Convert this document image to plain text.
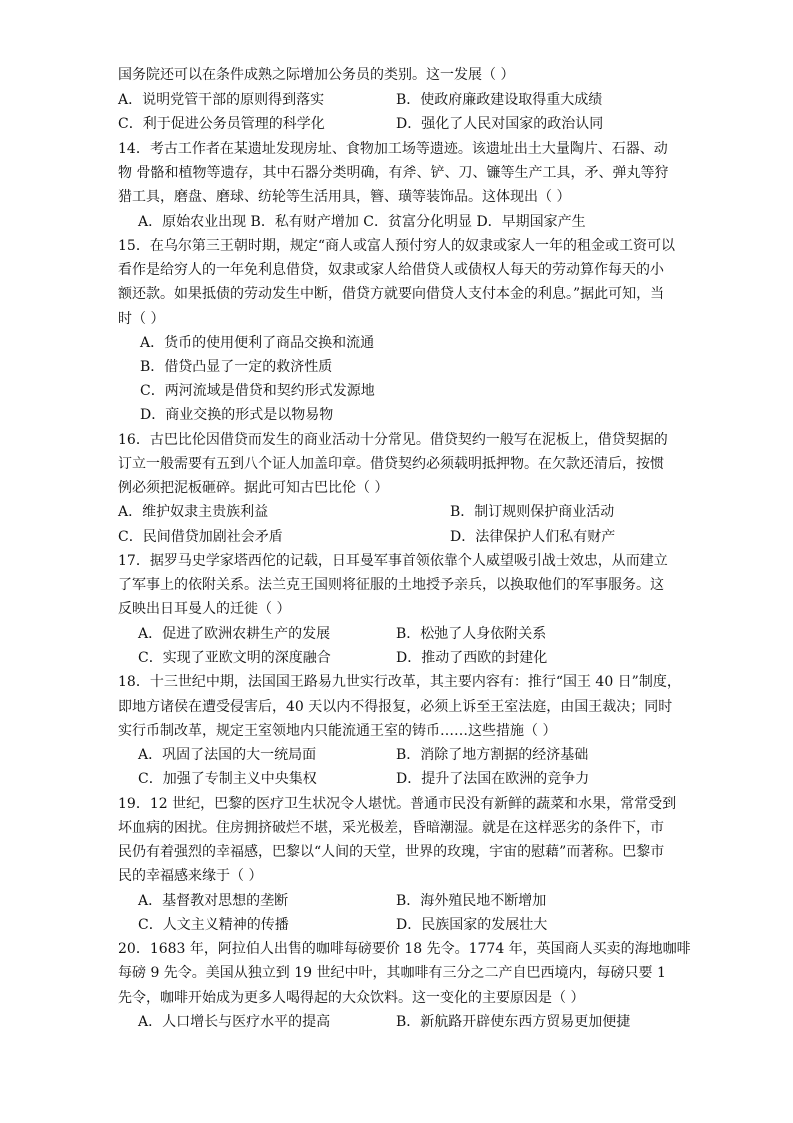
国务院还可以在条件成熟之际增加公务员的类别。这一发展（ ）
A．说明党管干部的原则得到落实	B．使政府廉政建设取得重大成绩
C．利于促进公务员管理的科学化	D．强化了人民对国家的政治认同
14．考古工作者在某遗址发现房址、食物加工场等遗迹。该遗址出土大量陶片、石器、动
物 骨骼和植物等遗存，其中石器分类明确，有斧、铲、刀、镰等生产工具，矛、弹丸等狩
猎工具，磨盘、磨球、纺轮等生活用具，簪、璜等装饰品。这体现出（ ）
A．原始农业出现 B．私有财产增加 C．贫富分化明显 D．早期国家产生
15．在乌尔第三王朝时期，规定“商人或富人预付穷人的奴隶或家人一年的租金或工资可以
看作是给穷人的一年免利息借贷，奴隶或家人给借贷人或债权人每天的劳动算作每天的小
额还款。如果抵债的劳动发生中断，借贷方就要向借贷人支付本金的利息。”据此可知，当
时（ ）
A．货币的使用便利了商品交换和流通
B．借贷凸显了一定的救济性质
C．两河流域是借贷和契约形式发源地
D．商业交换的形式是以物易物
16．古巴比伦因借贷而发生的商业活动十分常见。借贷契约一般写在泥板上，借贷契据的
订立一般需要有五到八个证人加盖印章。借贷契约必须载明抵押物。在欠款还清后，按惯
例必须把泥板砸碎。据此可知古巴比伦（ ）
A．维护奴隶主贵族利益	B．制订规则保护商业活动
C．民间借贷加剧社会矛盾	D．法律保护人们私有财产
17．据罗马史学家塔西佗的记载，日耳曼军事首领依靠个人威望吸引战士效忠，从而建立
了军事上的依附关系。法兰克王国则将征服的土地授予亲兵，以换取他们的军事服务。这
反映出日耳曼人的迁徙（ ）
A．促进了欧洲农耕生产的发展	B．松弛了人身依附关系
C．实现了亚欧文明的深度融合	D．推动了西欧的封建化
18．十三世纪中期，法国国王路易九世实行改革，其主要内容有：推行“国王 40 日”制度，
即地方诸侯在遭受侵害后，40 天以内不得报复，必须上诉至王室法庭，由国王裁决；同时
实行币制改革，规定王室领地内只能流通王室的铸币……这些措施（ ）
A．巩固了法国的大一统局面	B．消除了地方割据的经济基础
C．加强了专制主义中央集权	D．提升了法国在欧洲的竞争力
19．12 世纪，巴黎的医疗卫生状况令人堪忧。普通市民没有新鲜的蔬菜和水果，常常受到
坏血病的困扰。住房拥挤破烂不堪，采光极差，昏暗潮湿。就是在这样恶劣的条件下，市
民仍有着强烈的幸福感，巴黎以“人间的天堂，世界的玫瑰，宇宙的慰藉”而著称。巴黎市
民的幸福感来缘于（ ）
A．基督教对思想的垄断	B．海外殖民地不断增加
C．人文主义精神的传播	D．民族国家的发展壮大
20．1683 年，阿拉伯人出售的咖啡每磅要价 18 先令。1774 年，英国商人买卖的海地咖啡
每磅 9 先令。美国从独立到 19 世纪中叶，其咖啡有三分之二产自巴西境内，每磅只要 1
先令，咖啡开始成为更多人喝得起的大众饮料。这一变化的主要原因是（ ）
A．人口增长与医疗水平的提高	B．新航路开辟使东西方贸易更加便捷
